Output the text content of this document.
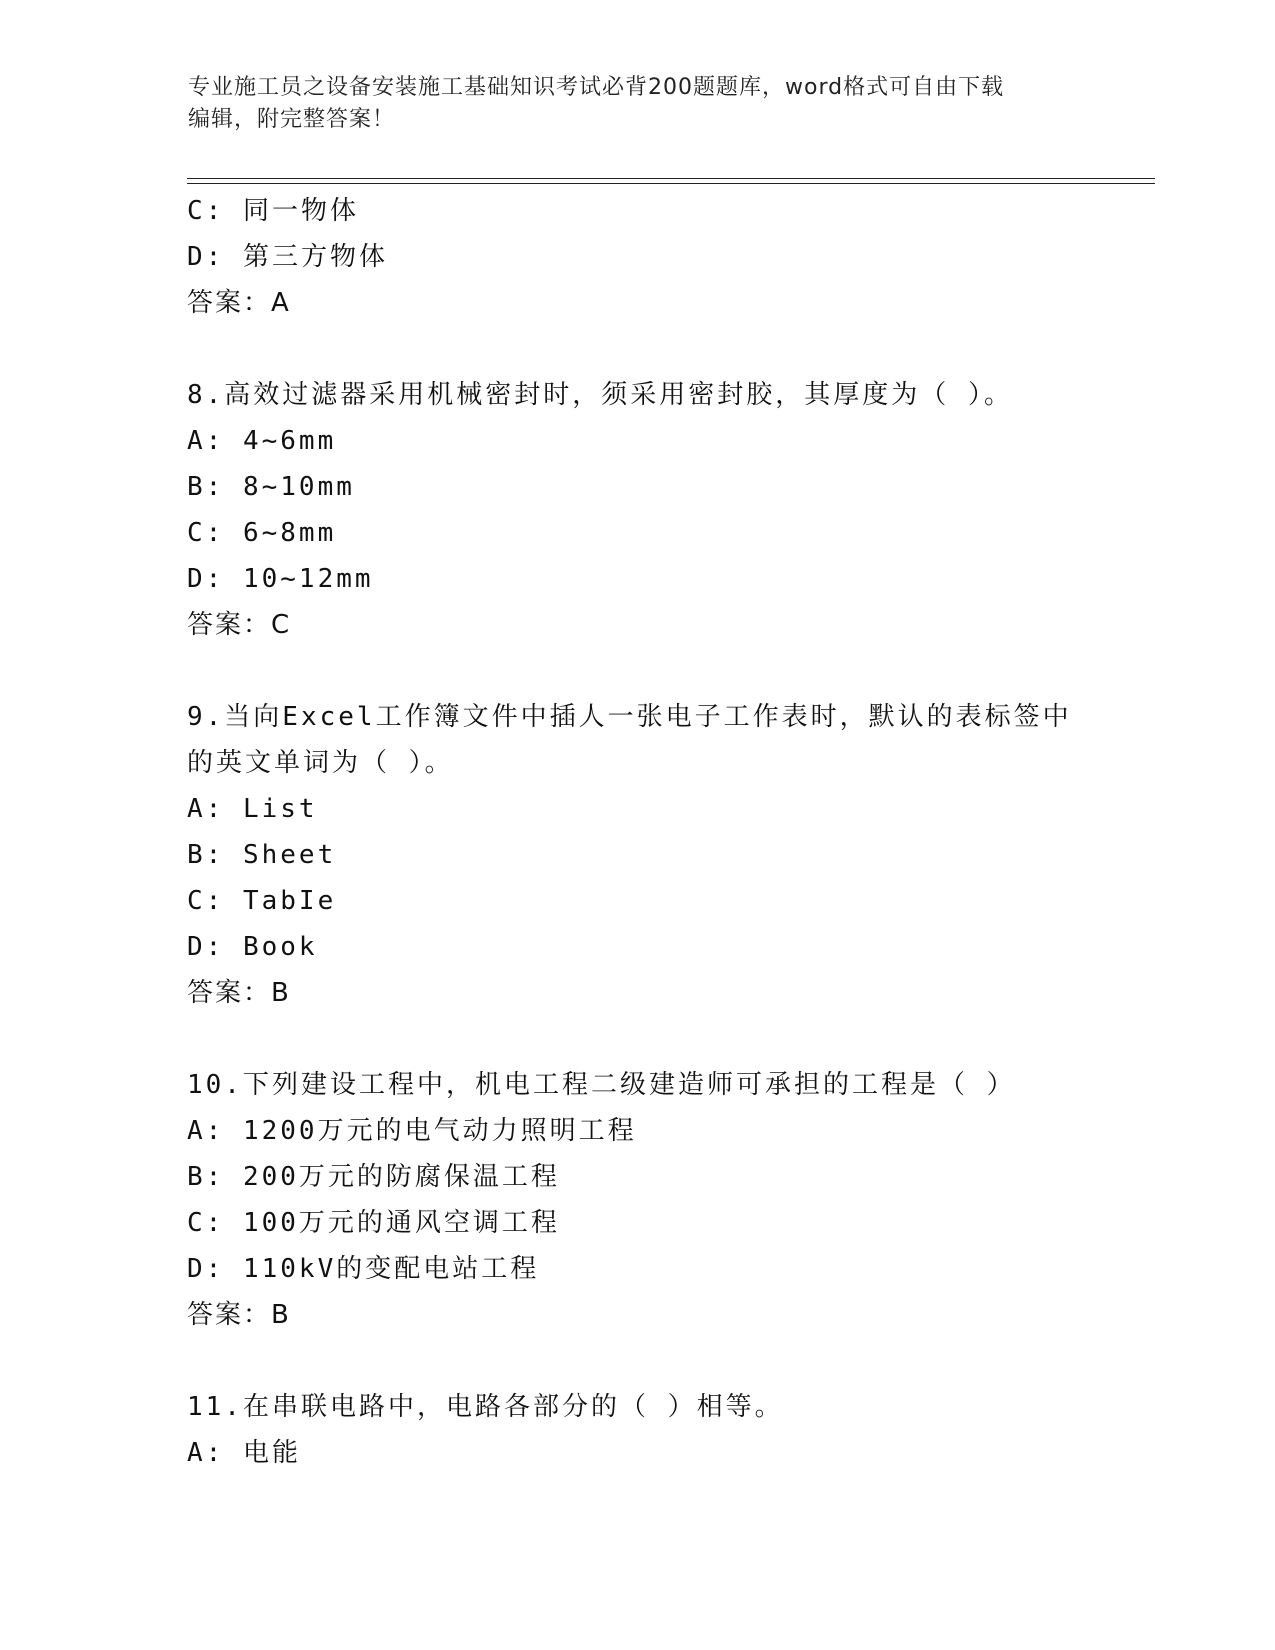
专业施工员之设备安装施工基础知识考试必背200题题库，word格式可自由下载
编辑，附完整答案！
C: 同一物体
D: 第三方物体
答案：A
8.高效过滤器采用机械密封时，须采用密封胶，其厚度为（ ）。
A: 4~6mm
B: 8~10mm
C: 6~8mm
D: 10~12mm
答案：C
9.当向Excel工作簿文件中插人一张电子工作表时，默认的表标签中
的英文单词为（ ）。
A: List
B: Sheet
C: TabIe
D: Book
答案：B
10.下列建设工程中，机电工程二级建造师可承担的工程是（ ）
A: 1200万元的电气动力照明工程
B: 200万元的防腐保温工程
C: 100万元的通风空调工程
D: 110kV的变配电站工程
答案：B
11.在串联电路中，电路各部分的（ ）相等。
A: 电能
